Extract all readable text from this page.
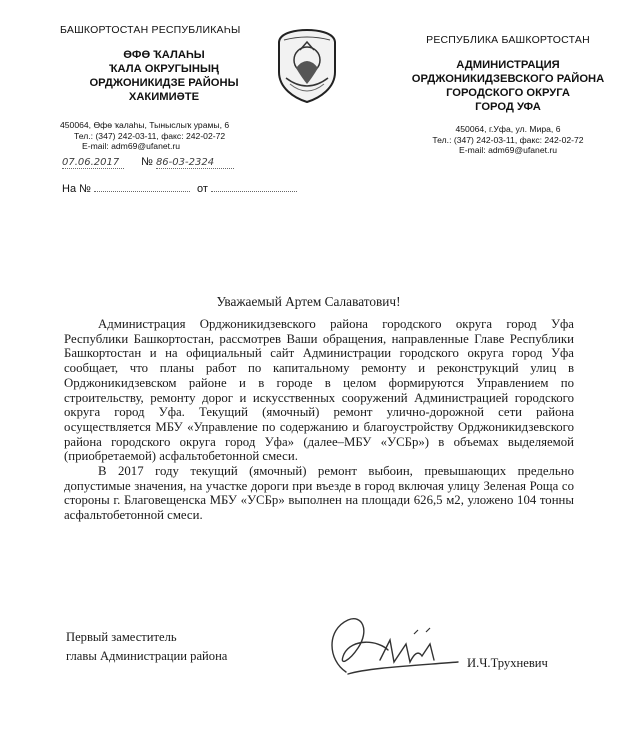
БАШКОРТОСТАН РЕСПУБЛИКАҺЫ
ӨФӨ ҠАЛАҺЫ
ҠАЛА ОКРУГЫНЫҢ
ОРДЖОНИКИДЗЕ РАЙОНЫ
ХАКИМИӘТЕ
450064, Өфө ҡалаһы, Тыныслыҡ урамы, 6
Тел.: (347) 242-03-11, факс: 242-02-72
E-mail: adm69@ufanet.ru
РЕСПУБЛИКА БАШКОРТОСТАН
АДМИНИСТРАЦИЯ
ОРДЖОНИКИДЗЕВСКОГО РАЙОНА
ГОРОДСКОГО ОКРУГА
ГОРОД УФА
450064, г.Уфа, ул. Мира, 6
Тел.: (347) 242-03-11, факс: 242-02-72
E-mail: adm69@ufanet.ru
07.06.2017 № 86-03-2324
На №	от
Уважаемый Артем Салаватович!

Администрация Орджоникидзевского района городского округа город Уфа Республики Башкортостан, рассмотрев Ваши обращения, направленные Главе Республики Башкортостан и на официальный сайт Администрации городского округа город Уфа сообщает, что планы работ по капитальному ремонту и реконструкций улиц в Орджоникидзевском районе и в городе в целом формируются Управлением по строительству, ремонту дорог и искусственных сооружений Администрацией городского округа город Уфа. Текущий (ямочный) ремонт улично-дорожной сети района осуществляется МБУ «Управление по содержанию и благоустройству Орджоникидзевского района городского округа город Уфа» (далее–МБУ «УСБр») в объемах выделяемой (приобретаемой) асфальтобетонной смеси.

В 2017 году текущий (ямочный) ремонт выбоин, превышающих предельно допустимые значения, на участке дороги при въезде в город включая улицу Зеленая Роща со стороны г. Благовещенска МБУ «УСБр» выполнен на площади 626,5 м2, уложено 104 тонны асфальтобетонной смеси.

Первый заместитель
главы Администрации района	И.Ч.Трухневич
